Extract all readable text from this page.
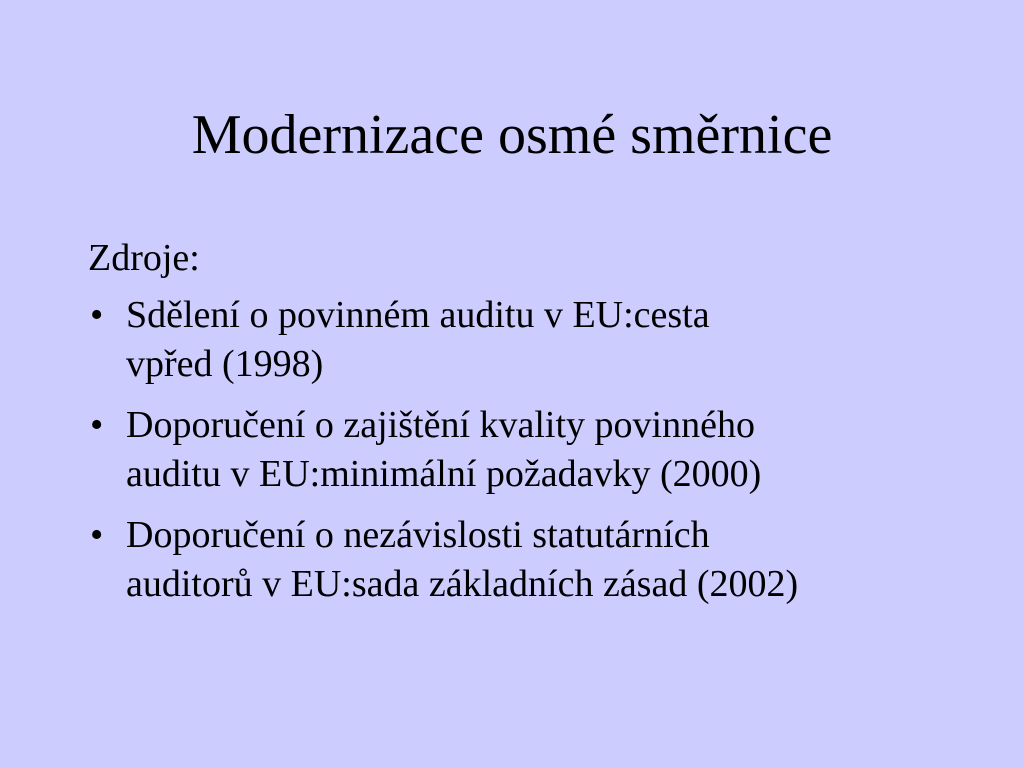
Modernizace osmé směrnice

Zdroje:

• Sdělení o povinném auditu v EU:cesta
vpřed (1998)
• Doporučení o zajištění kvality povinného
auditu v EU:minimální požadavky (2000)
• Doporučení o nezávislosti statutárních
auditorů v EU:sada základních zásad (2002)
